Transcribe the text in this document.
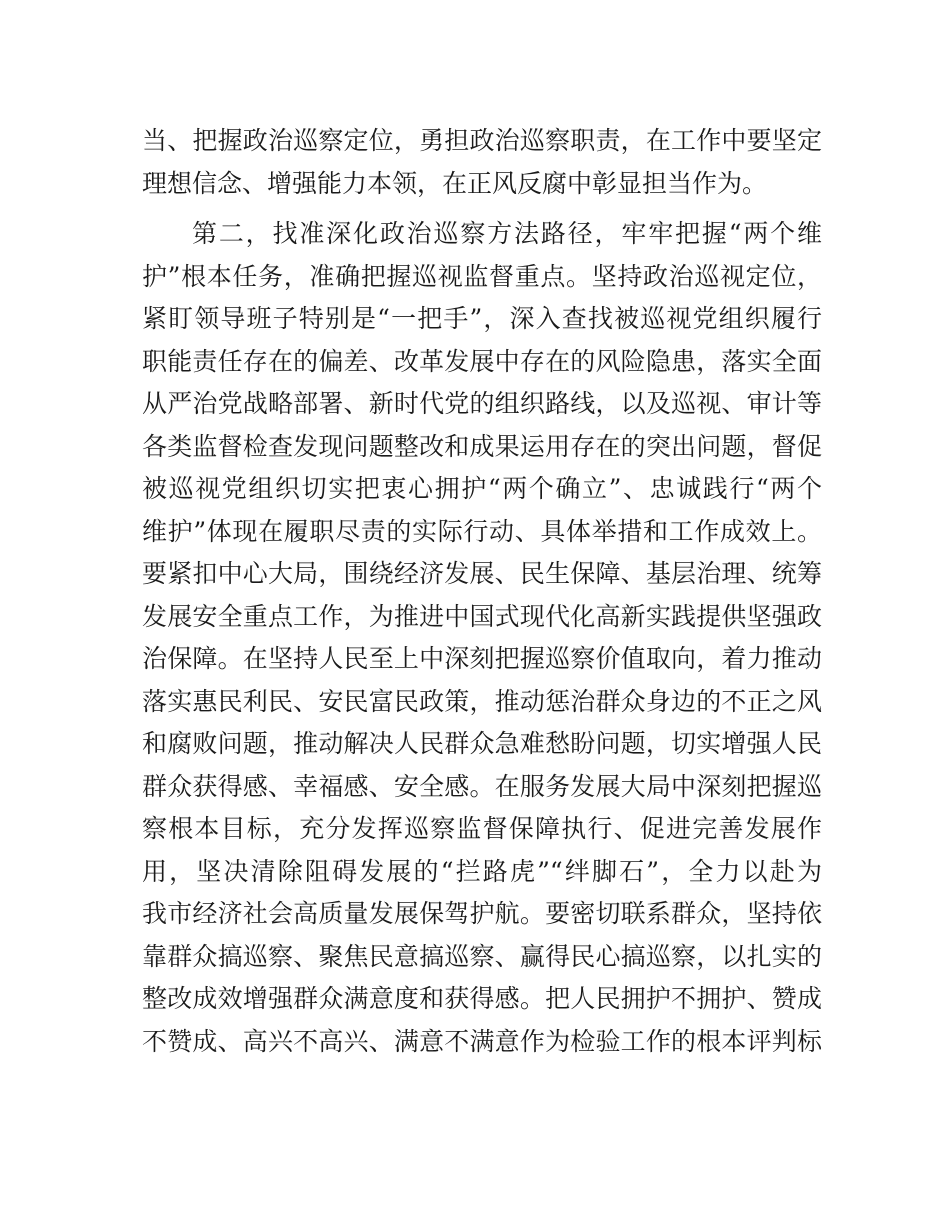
当、把握政治巡察定位，勇担政治巡察职责，在工作中要坚定
理想信念、增强能力本领，在正风反腐中彰显担当作为。
第二，找准深化政治巡察方法路径，牢牢把握“两个维
护”根本任务，准确把握巡视监督重点。坚持政治巡视定位，
紧盯领导班子特别是“一把手”，深入查找被巡视党组织履行
职能责任存在的偏差、改革发展中存在的风险隐患，落实全面
从严治党战略部署、新时代党的组织路线，以及巡视、审计等
各类监督检查发现问题整改和成果运用存在的突出问题，督促
被巡视党组织切实把衷心拥护“两个确立”、忠诚践行“两个
维护”体现在履职尽责的实际行动、具体举措和工作成效上。
要紧扣中心大局，围绕经济发展、民生保障、基层治理、统筹
发展安全重点工作，为推进中国式现代化高新实践提供坚强政
治保障。在坚持人民至上中深刻把握巡察价值取向，着力推动
落实惠民利民、安民富民政策，推动惩治群众身边的不正之风
和腐败问题，推动解决人民群众急难愁盼问题，切实增强人民
群众获得感、幸福感、安全感。在服务发展大局中深刻把握巡
察根本目标，充分发挥巡察监督保障执行、促进完善发展作
用，坚决清除阻碍发展的“拦路虎”“绊脚石”，全力以赴为
我市经济社会高质量发展保驾护航。要密切联系群众，坚持依
靠群众搞巡察、聚焦民意搞巡察、赢得民心搞巡察，以扎实的
整改成效增强群众满意度和获得感。把人民拥护不拥护、赞成
不赞成、高兴不高兴、满意不满意作为检验工作的根本评判标
